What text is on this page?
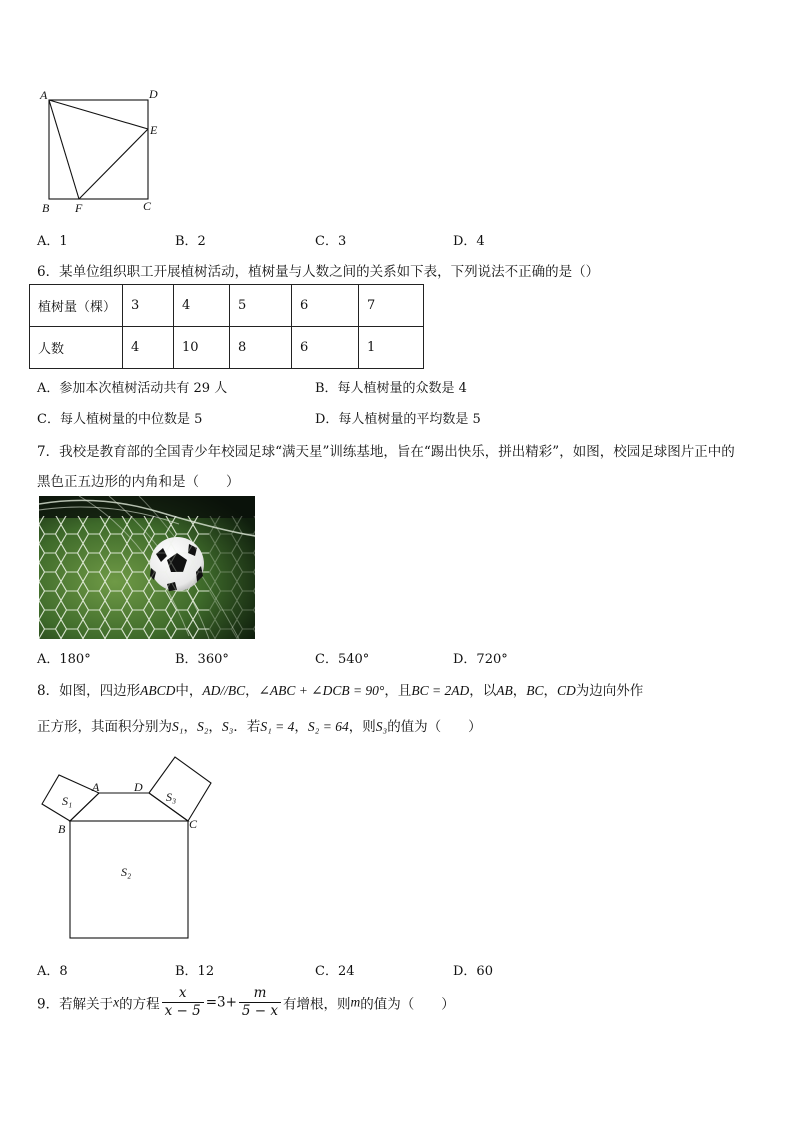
A	D
E
B F	C
A．1	B．2	C．3	D．4
6．某单位组织职工开展植树活动，植树量与人数之间的关系如下表，下列说法不正确的是（）
植树量（棵）	3	4	5	6	7
人数	4	10	8	6	1
A．参加本次植树活动共有 29 人	B．每人植树量的众数是 4
C．每人植树量的中位数是 5	D．每人植树量的平均数是 5
7．我校是教育部的全国青少年校园足球“满天星”训练基地，旨在“踢出快乐，拼出精彩”，如图，校园足球图片正中的
黑色正五边形的内角和是（　　）
A．180°	B．360°	C．540°	D．720°
8．如图，四边形ABCD中，AD//BC，∠ABC + ∠DCB = 90°，且BC = 2AD，以AB，BC，CD为边向外作
正方形，其面积分别为S₁，S₂，S₃．若S₁ = 4，S₂ = 64，则S₃的值为（　　）
S₁	S₃
S₂
A	D
B	C
A．8	B．12	C．24	D．60
9．若解关于x的方程 $\frac{x}{x - 5} =3+ \frac{m}{5 - x}$ 有增根，则m的值为（　　）
